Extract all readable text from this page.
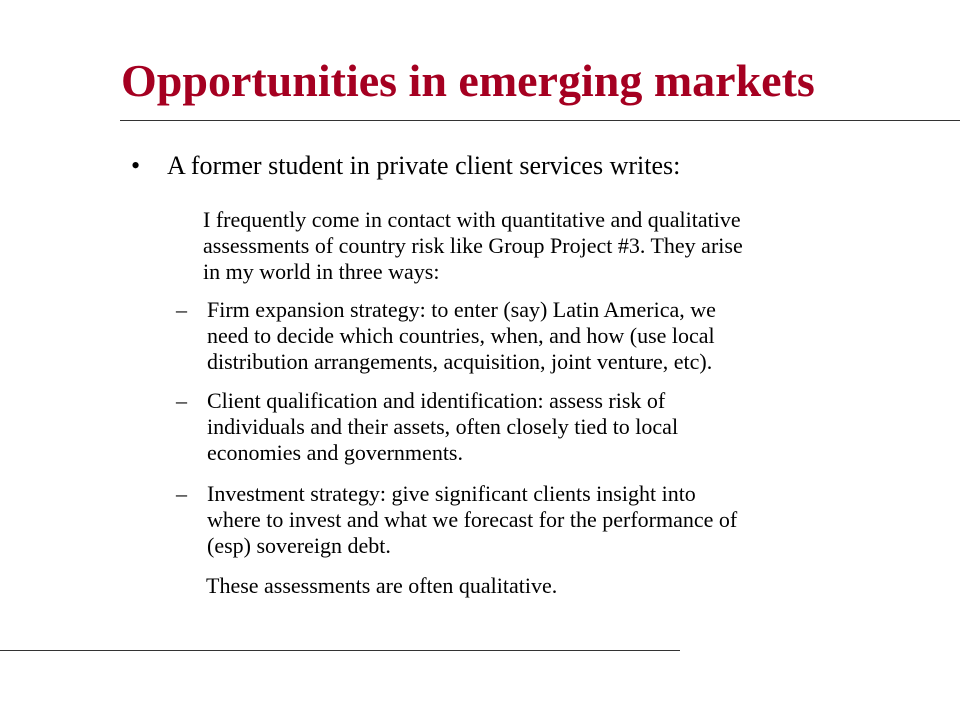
Opportunities in emerging markets
• A former student in private client services writes:
I frequently come in contact with quantitative and qualitative
assessments of country risk like Group Project #3. They arise
in my world in three ways:
– Firm expansion strategy: to enter (say) Latin America, we
need to decide which countries, when, and how (use local
distribution arrangements, acquisition, joint venture, etc).
– Client qualification and identification: assess risk of
individuals and their assets, often closely tied to local
economies and governments.
– Investment strategy: give significant clients insight into
where to invest and what we forecast for the performance of
(esp) sovereign debt.
These assessments are often qualitative.
